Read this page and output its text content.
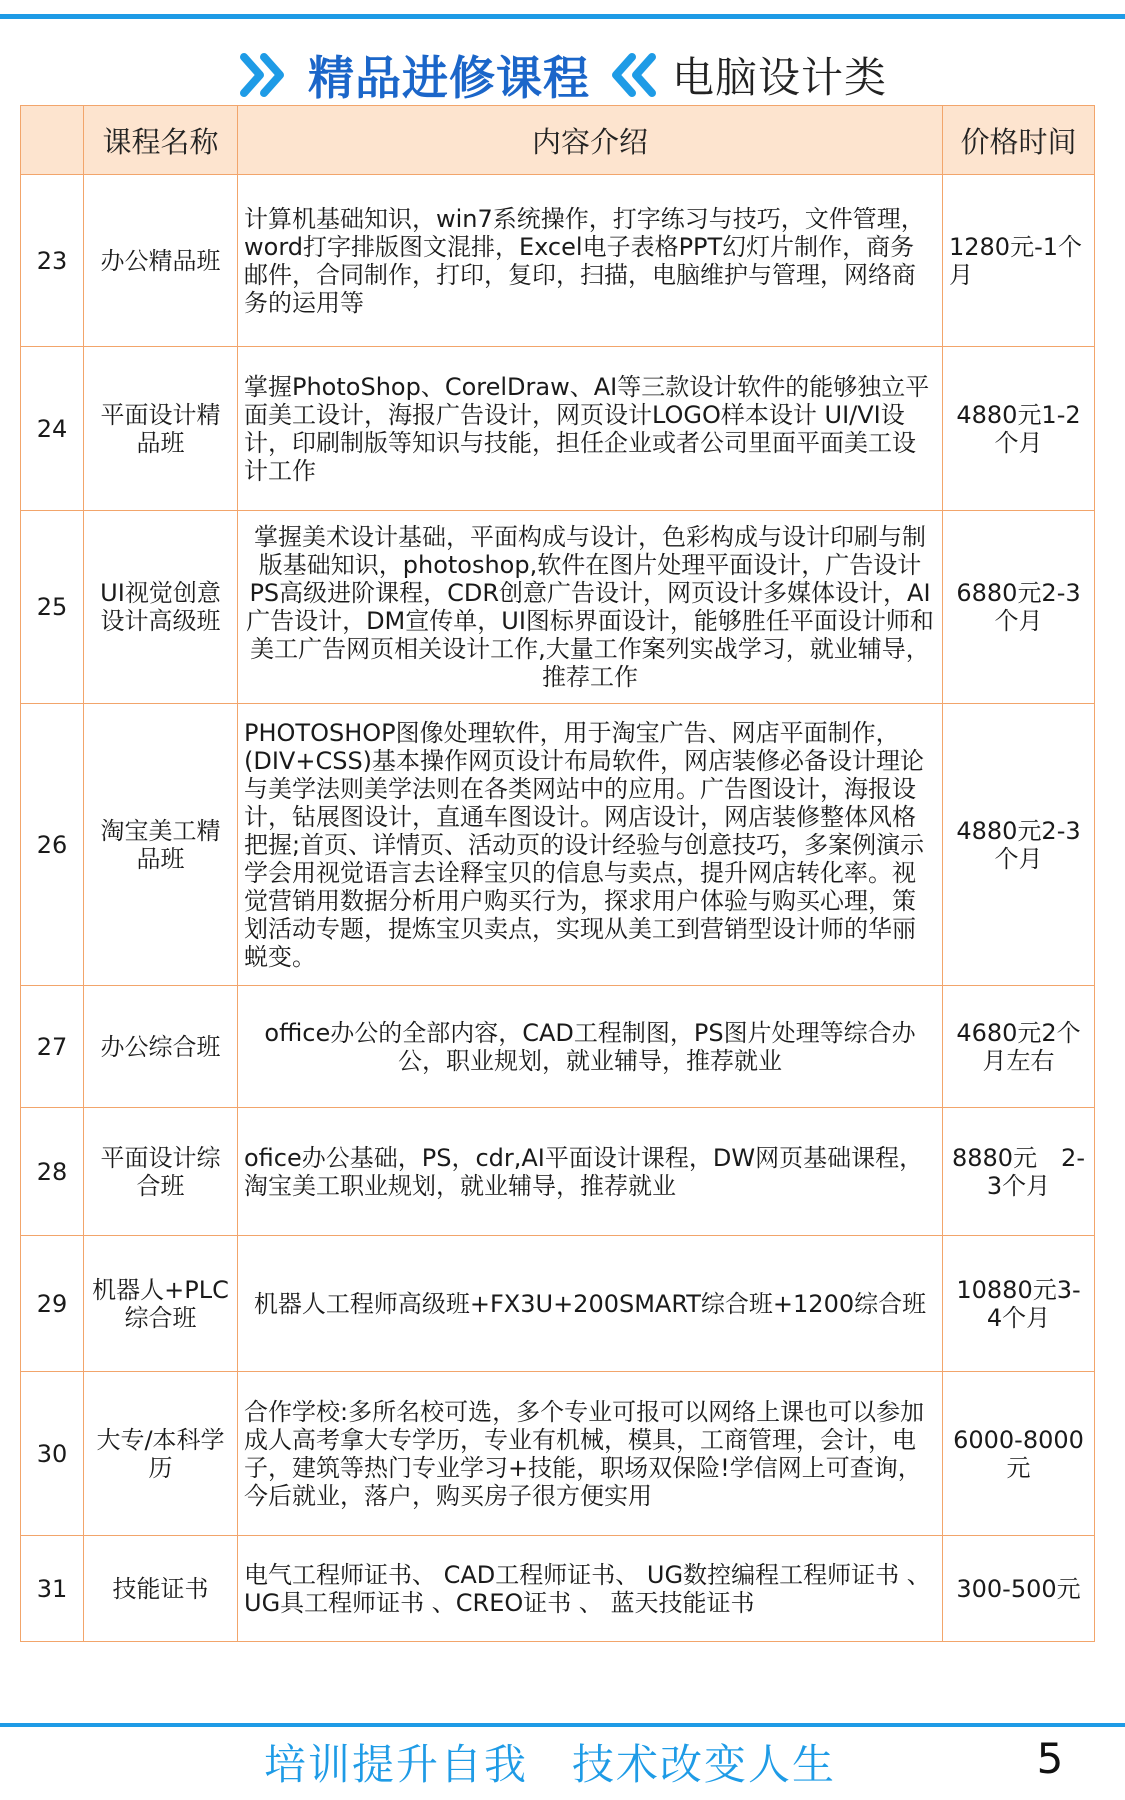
精品进修课程 电脑设计类
	课程名称	内容介绍	价格时间
23	办公精品班	计算机基础知识，win7系统操作，打字练习与技巧，文件管理，word打字排版图文混排，Excel电子表格PPT幻灯片制作，商务邮件，合同制作，打印，复印，扫描，电脑维护与管理，网络商务的运用等	1280元-1个月
24	平面设计精品班	掌握PhotoShop、CorelDraw、AI等三款设计软件的能够独立平面美工设计，海报广告设计，网页设计LOGO样本设计 UI/VI设计，印刷制版等知识与技能，担任企业或者公司里面平面美工设计工作	4880元1-2个月
25	UI视觉创意设计高级班	掌握美术设计基础，平面构成与设计，色彩构成与设计印刷与制版基础知识，photoshop,软件在图片处理平面设计，广告设计PS高级进阶课程，CDR创意广告设计，网页设计多媒体设计，AI广告设计，DM宣传单，UI图标界面设计，能够胜任平面设计师和美工广告网页相关设计工作,大量工作案列实战学习，就业辅导，推荐工作	6880元2-3个月
26	淘宝美工精品班	PHOTOSHOP图像处理软件，用于淘宝广告、网店平面制作，(DIV+CSS)基本操作网页设计布局软件，网店装修必备设计理论与美学法则美学法则在各类网站中的应用。广告图设计，海报设计，钻展图设计，直通车图设计。网店设计，网店装修整体风格把握;首页、详情页、活动页的设计经验与创意技巧，多案例演示学会用视觉语言去诠释宝贝的信息与卖点，提升网店转化率。视觉营销用数据分析用户购买行为，探求用户体验与购买心理，策划活动专题，提炼宝贝卖点，实现从美工到营销型设计师的华丽蜕变。	4880元2-3个月
27	办公综合班	office办公的全部内容，CAD工程制图，PS图片处理等综合办公，职业规划，就业辅导，推荐就业	4680元2个月左右
28	平面设计综合班	ofice办公基础，PS，cdr,AI平面设计课程，DW网页基础课程，淘宝美工职业规划，就业辅导，推荐就业	8880元　2-3个月
29	机器人+PLC综合班	机器人工程师高级班+FX3U+200SMART综合班+1200综合班	10880元3-4个月
30	大专/本科学历	合作学校:多所名校可选，多个专业可报可以网络上课也可以参加成人高考拿大专学历，专业有机械，模具，工商管理，会计，电子，建筑等热门专业学习+技能，职场双保险!学信网上可查询，今后就业，落户，购买房子很方便实用	6000-8000元
31	技能证书	电气工程师证书、 CAD工程师证书、 UG数控编程工程师证书 、 UG具工程师证书 、CREO证书 、 蓝天技能证书	300-500元
培训提升自我　技术改变人生	5
